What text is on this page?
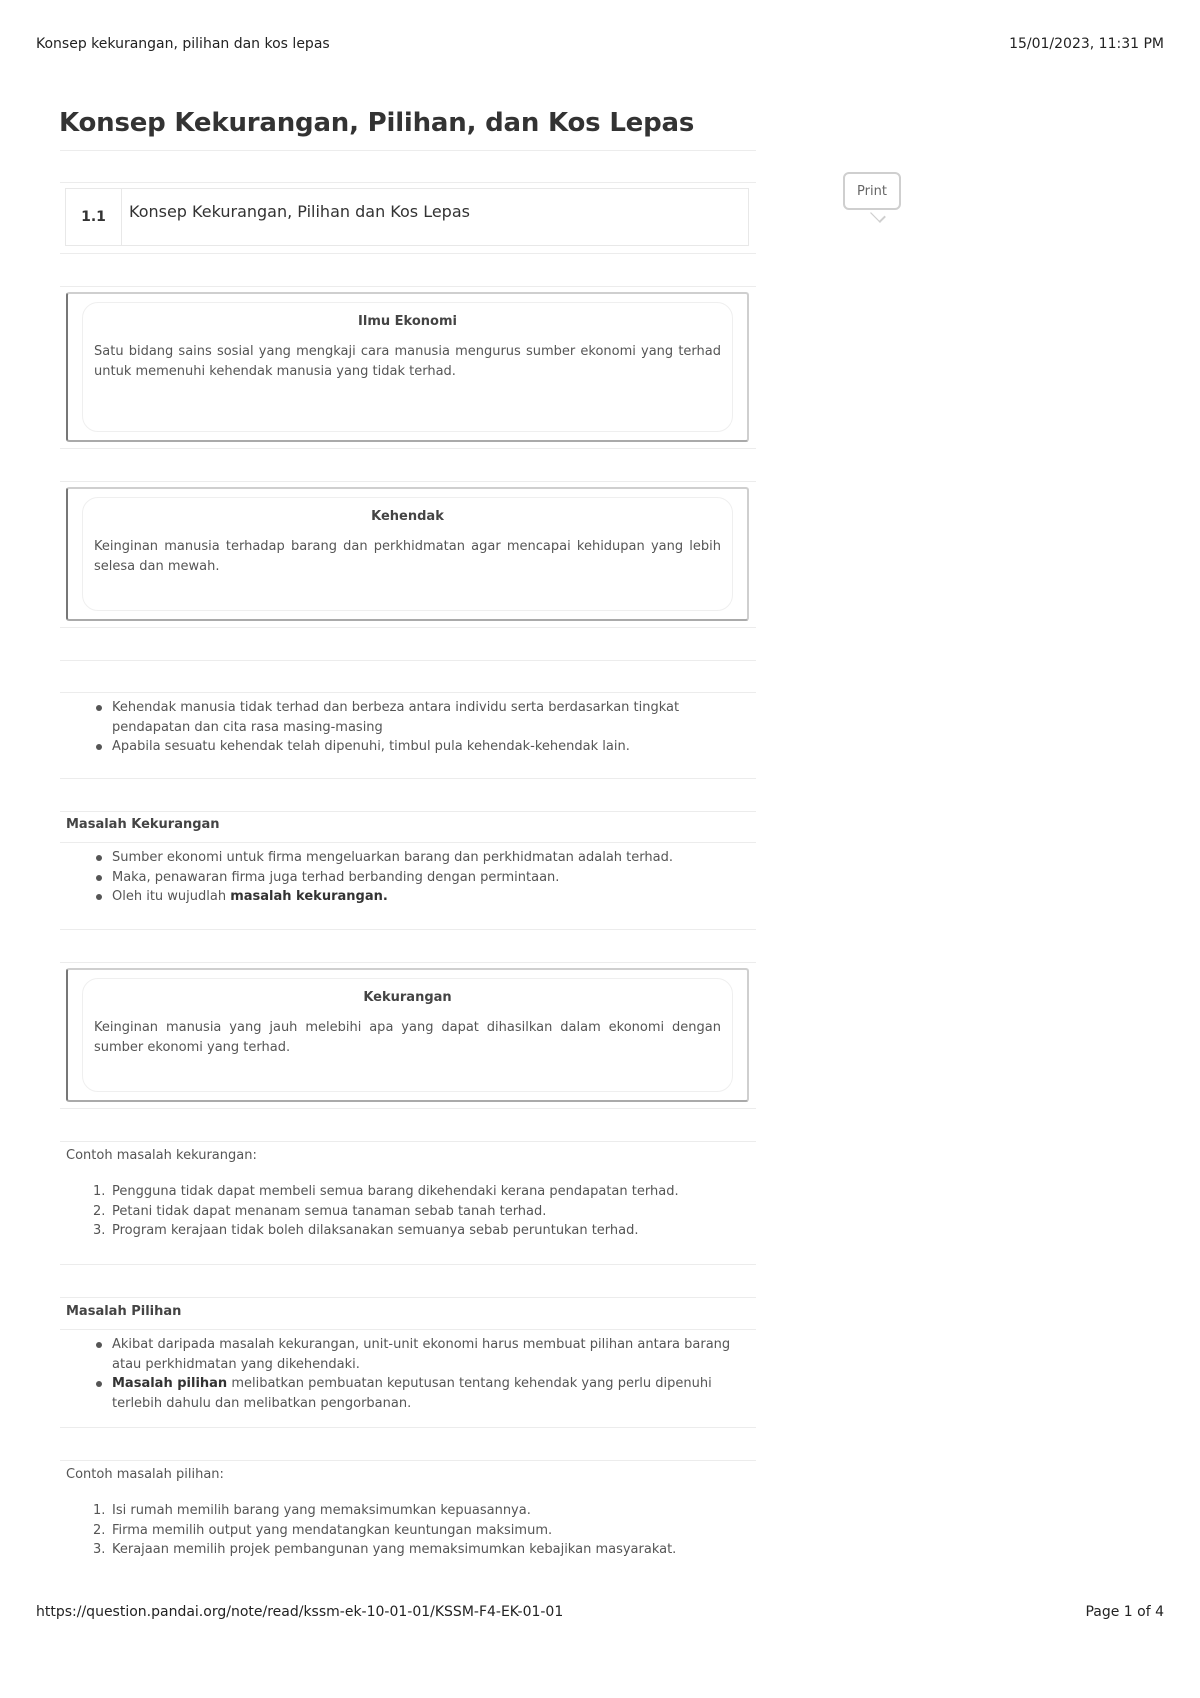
Konsep kekurangan, pilihan dan kos lepas	15/01/2023, 11:31 PM
Konsep Kekurangan, Pilihan, dan Kos Lepas
1.1	Konsep Kekurangan, Pilihan dan Kos Lepas
Print
Ilmu Ekonomi
Satu bidang sains sosial yang mengkaji cara manusia mengurus sumber ekonomi yang terhad untuk memenuhi kehendak manusia yang tidak terhad.
Kehendak
Keinginan manusia terhadap barang dan perkhidmatan agar mencapai kehidupan yang lebih selesa dan mewah.
Kehendak manusia tidak terhad dan berbeza antara individu serta berdasarkan tingkat pendapatan dan cita rasa masing-masing
Apabila sesuatu kehendak telah dipenuhi, timbul pula kehendak-kehendak lain.
Masalah Kekurangan
Sumber ekonomi untuk firma mengeluarkan barang dan perkhidmatan adalah terhad.
Maka, penawaran firma juga terhad berbanding dengan permintaan.
Oleh itu wujudlah masalah kekurangan.
Kekurangan
Keinginan manusia yang jauh melebihi apa yang dapat dihasilkan dalam ekonomi dengan sumber ekonomi yang terhad.
Contoh masalah kekurangan:
1. Pengguna tidak dapat membeli semua barang dikehendaki kerana pendapatan terhad.
2. Petani tidak dapat menanam semua tanaman sebab tanah terhad.
3. Program kerajaan tidak boleh dilaksanakan semuanya sebab peruntukan terhad.
Masalah Pilihan
Akibat daripada masalah kekurangan, unit-unit ekonomi harus membuat pilihan antara barang atau perkhidmatan yang dikehendaki.
Masalah pilihan melibatkan pembuatan keputusan tentang kehendak yang perlu dipenuhi terlebih dahulu dan melibatkan pengorbanan.
Contoh masalah pilihan:
1. Isi rumah memilih barang yang memaksimumkan kepuasannya.
2. Firma memilih output yang mendatangkan keuntungan maksimum.
3. Kerajaan memilih projek pembangunan yang memaksimumkan kebajikan masyarakat.
https://question.pandai.org/note/read/kssm-ek-10-01-01/KSSM-F4-EK-01-01	Page 1 of 4
